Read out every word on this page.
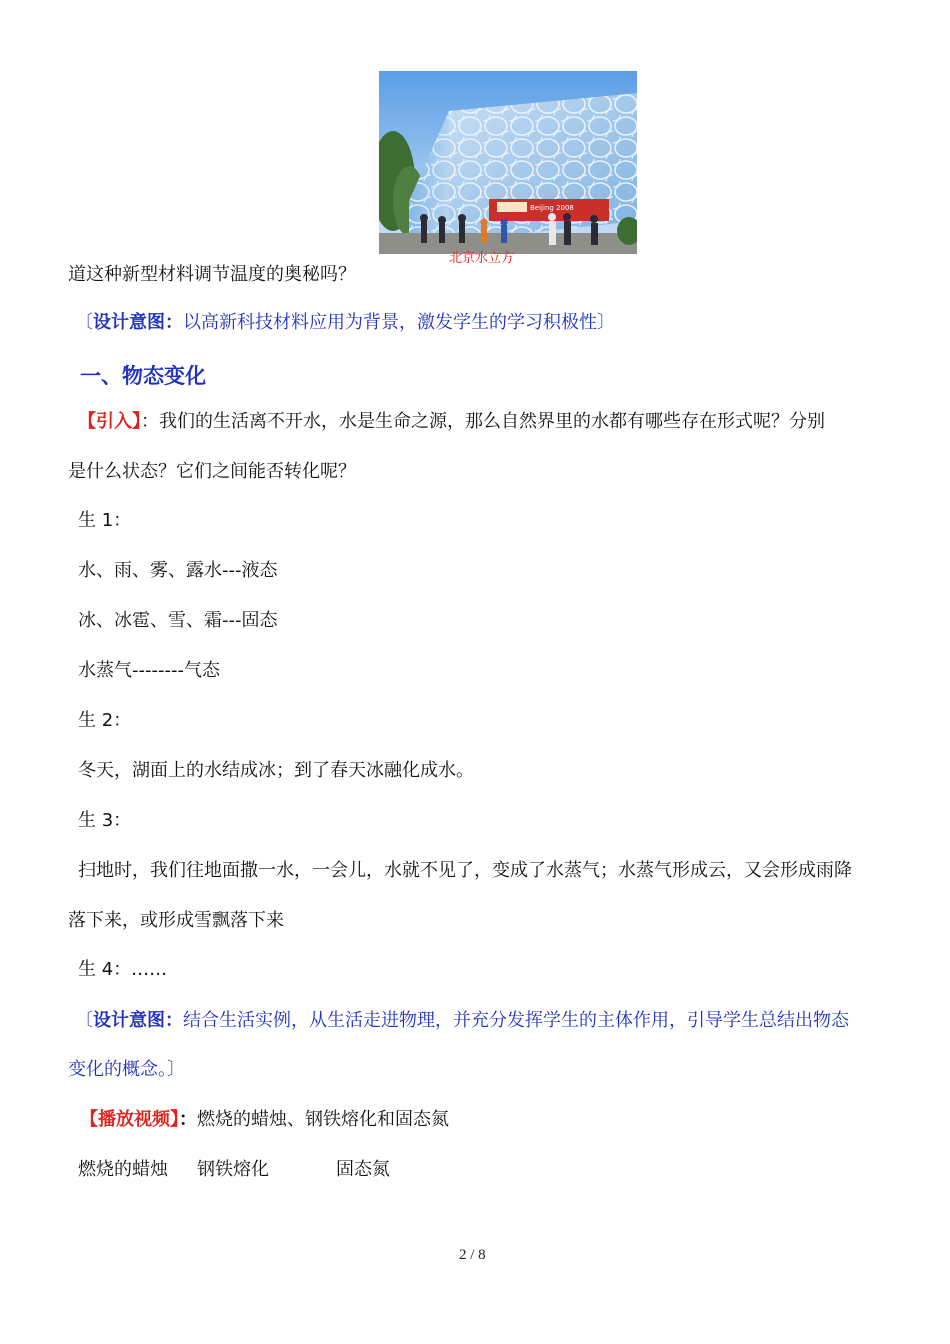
Beijing 2008
北京水立方
道这种新型材料调节温度的奥秘吗？
〔设计意图：以高新科技材料应用为背景，激发学生的学习积极性〕
一、物态变化
【引入】：我们的生活离不开水，水是生命之源，那么自然界里的水都有哪些存在形式呢？分别
是什么状态？它们之间能否转化呢？
生 1：
水、雨、雾、露水---液态
冰、冰雹、雪、霜---固态
水蒸气--------气态
生 2：
冬天，湖面上的水结成冰；到了春天冰融化成水。
生 3：
扫地时，我们往地面撒一水，一会儿，水就不见了，变成了水蒸气；水蒸气形成云，又会形成雨降
落下来，或形成雪飘落下来
生 4：……
〔设计意图：结合生活实例，从生活走进物理，并充分发挥学生的主体作用，引导学生总结出物态
变化的概念。〕
【播放视频】：燃烧的蜡烛、钢铁熔化和固态氮
燃烧的蜡烛 钢铁熔化	固态氮
2 / 8
